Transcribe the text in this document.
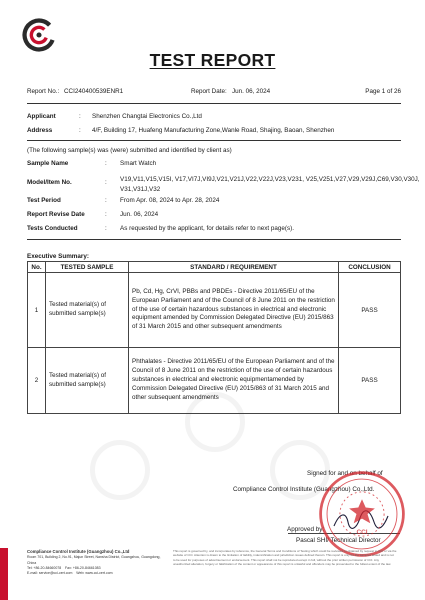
TEST REPORT
Report No.: CCI240400539ENR1	Report Date: Jun. 06, 2024	Page 1 of 26
Applicant	: Shenzhen Changtai Electronics Co.,Ltd
Address	: 4/F, Building 17, Huafeng Manufacturing Zone,Wanle Road, Shajing, Baoan, Shenzhen
(The following sample(s) was (were) submitted and identified by client as)
Sample Name	: Smart Watch
Model/Item No.	: V19,V11,V15,V15I, V17,VI7J,VI9J,V21,V21J,V22,V22J,V23,V231, V25,V251,V27,V29,V29J,C69,V30,V30J, V31,V31J,V32
Test Period	: From Apr. 08, 2024 to Apr. 28, 2024
Report Revise Date	: Jun. 06, 2024
Tests Conducted	: As requested by the applicant, for details refer to next page(s).
Executive Summary:
No.	TESTED SAMPLE	STANDARD / REQUIREMENT	CONCLUSION
1	Tested material(s) of submitted sample(s)	Pb, Cd, Hg, CrVI, PBBs and PBDEs - Directive 2011/65/EU of the European Parliament and of the Council of 8 June 2011 on the restriction of the use of certain hazardous substances in electrical and electronic equipment amended by Commission Delegated Directive (EU) 2015/863 of 31 March 2015 and other subsequent amendments	PASS
2	Tested material(s) of submitted sample(s)	Phthalates - Directive 2011/65/EU of the European Parliament and of the Council of 8 June 2011 on the restriction of the use of certain hazardous substances in electrical and electronic equipmentamended by Commission Delegated Directive (EU) 2015/863 of 31 March 2015 and other subsequent amendments	PASS
Signed for and on behalf of
Compliance Control Institute (Guangzhou) Co.,Ltd.
Approved by:
Pascal SHI/ Technical Director
CCI
Compliance Control Institute (Guangzhou) Co.,Ltd
Room 701, Building 2, No.91, Majun Street, Nansha District, Guangzhou, Guangdong, China
Tel: +86-20-84660078 Fax: +86-20-84661083
E-mail: service@cci-cert.com Web: www.cci-cert.com
This report is governed by, and incorporates by reference, the General Terms and Conditions of Testing which could be reviewed or obtained by request to CCI or via the website of CCI. Attention is drawn to the limitation of liability, indemnification and jurisdiction issues defined therein. This report is only for the samples tested and is not to be used for purposes of advertisement or endorsement. This report shall not be reproduced except in full, without the prior written permission of CCI. Any unauthorized alteration, forgery or falsification of the content or appearance of this report is unlawful and offenders may be prosecuted to the fullest extent of the law.
